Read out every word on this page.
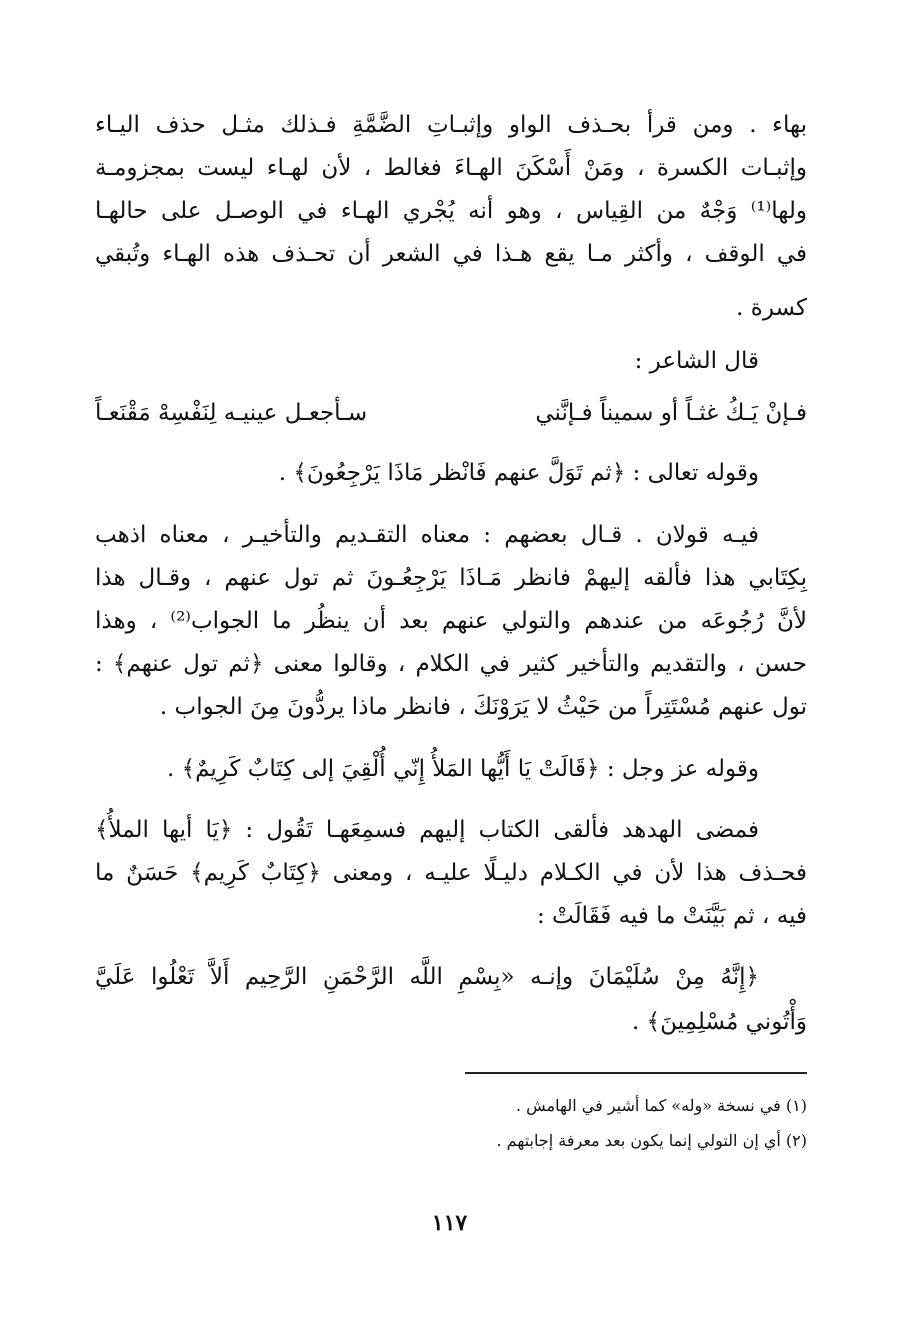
بهاء . ومن قرأ بحـذف الواو وإثبـاتِ الضَّمَّةِ فـذلك مثـل حذف اليـاء
وإثبـات الكسرة ، ومَنْ أَسْكَنَ الهـاءَ فغالط ، لأن لهـاء ليست بمجزومـة
ولها⁽¹⁾ وَجْهٌ من القِياس ، وهو أنه يُجْري الهـاء في الوصـل على حالهـا
في الوقف ، وأكثر مـا يقع هـذا في الشعر أن تحـذف هذه الهـاء وتُبقي
كسرة .
قال الشاعر :
فـإنْ يَـكُ غثـاً أو سميناً فـإنَّني
سـأجعـل عينيـه لِنَفْسِهْ مَقْنَعـاً
وقوله تعالى : ﴿ثم تَوَلَّ عنهم فَانْظر مَاذَا يَرْجِعُونَ﴾ .
فيـه قولان . قـال بعضهم : معناه التقـديم والتأخيـر ، معناه اذهب
بِكِتَابي هذا فألقه إليهمْ فانظر مَـاذَا يَرْجِعُـونَ ثم تول عنهم ، وقـال هذا
لأنَّ رُجُوعَه من عندهم والتولي عنهم بعد أن ينظُر ما الجواب⁽²⁾ ، وهذا
حسن ، والتقديم والتأخير كثير في الكلام ، وقالوا معنى ﴿ثم تول عنهم﴾ :
تول عنهم مُسْتَتِراً من حَيْثُ لا يَرَوْنَكَ ، فانظر ماذا يردُّونَ مِنَ الجواب .
وقوله عز وجل : ﴿قَالَتْ يَا أَيُّها المَلأُ إِنّي أُلْقِيَ إلى كِتَابٌ كَرِيمٌ﴾ .
فمضى الهدهد فألقى الكتاب إليهم فسمِعَهـا تَقُول : ﴿يَا أيها الملأُ﴾
فحـذف هذا لأن في الكـلام دليـلًا عليـه ، ومعنى ﴿كِتَابٌ كَرِيم﴾ حَسَنٌ ما
فيه ، ثم بَيَّنَتْ ما فيه فَقَالَتْ :
﴿إِنَّهُ مِنْ سُلَيْمَانَ وإنـه «بِسْمِ اللَّه الرَّحْمَنِ الرَّحِيم أَلاَّ تَعْلُوا عَلَيَّ
وَأْتُوني مُسْلِمِينَ﴾ .
(١) في نسخة «وله» كما أشير في الهامش .
(٢) أي إن التولي إنما يكون بعد معرفة إجابتهم .
١١٧
